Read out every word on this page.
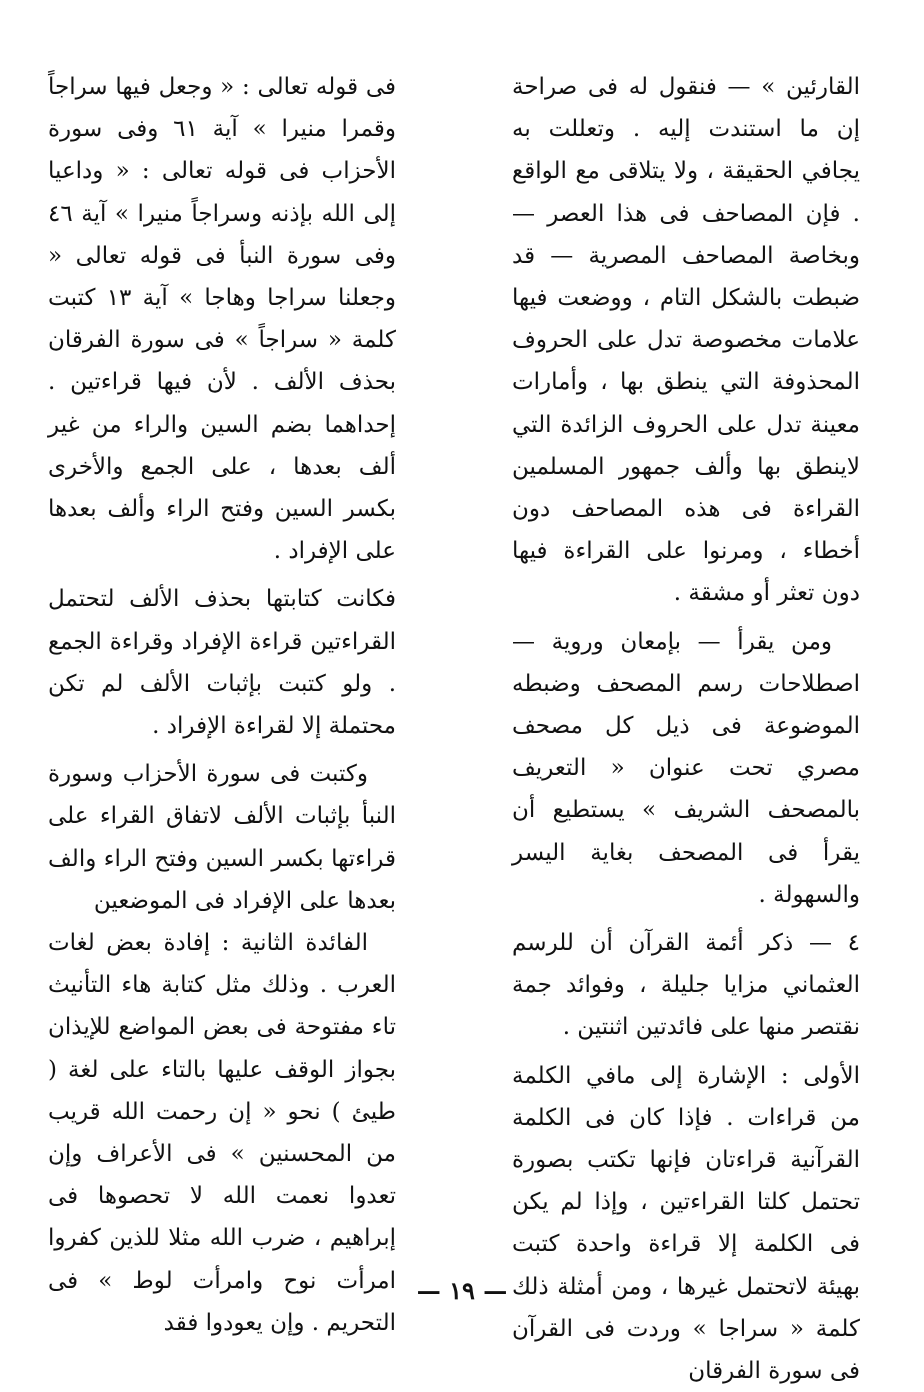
القارئين » — فنقول له فى صراحة إن ما استندت إليه . وتعللت به يجافي الحقيقة ، ولا يتلاقى مع الواقع . فإن المصاحف فى هذا العصر — وبخاصة المصاحف المصرية — قد ضبطت بالشكل التام ، ووضعت فيها علامات مخصوصة تدل على الحروف المحذوفة التي ينطق بها ، وأمارات معينة تدل على الحروف الزائدة التي لاينطق بها وألف جمهور المسلمين القراءة فى هذه المصاحف دون أخطاء ، ومرنوا على القراءة فيها دون تعثر أو مشقة .

ومن يقرأ — بإمعان وروية — اصطلاحات رسم المصحف وضبطه الموضوعة فى ذيل كل مصحف مصري تحت عنوان « التعريف بالمصحف الشريف » يستطيع أن يقرأ فى المصحف بغاية اليسر والسهولة .

٤ — ذكر أئمة القرآن أن للرسم العثماني مزايا جليلة ، وفوائد جمة نقتصر منها على فائدتين اثنتين .

الأولى : الإشارة إلى مافي الكلمة من قراءات . فإذا كان فى الكلمة القرآنية قراءتان فإنها تكتب بصورة تحتمل كلتا القراءتين ، وإذا لم يكن فى الكلمة إلا قراءة واحدة كتبت بهيئة لاتحتمل غيرها ، ومن أمثلة ذلك كلمة « سراجا » وردت فى القرآن فى سورة الفرقان

فى قوله تعالى : « وجعل فيها سراجاً وقمرا منيرا » آية ٦١ وفى سورة الأحزاب فى قوله تعالى : « وداعيا إلى الله بإذنه وسراجاً منيرا » آية ٤٦ وفى سورة النبأ فى قوله تعالى « وجعلنا سراجا وهاجا » آية ١٣ كتبت كلمة « سراجاً » فى سورة الفرقان بحذف الألف . لأن فيها قراءتين . إحداهما بضم السين والراء من غير ألف بعدها ، على الجمع والأخرى بكسر السين وفتح الراء وألف بعدها على الإفراد .

فكانت كتابتها بحذف الألف لتحتمل القراءتين قراءة الإفراد وقراءة الجمع . ولو كتبت بإثبات الألف لم تكن محتملة إلا لقراءة الإفراد .

وكتبت فى سورة الأحزاب وسورة النبأ بإثبات الألف لاتفاق القراء على قراءتها بكسر السين وفتح الراء والف بعدها على الإفراد فى الموضعين

الفائدة الثانية : إفادة بعض لغات العرب . وذلك مثل كتابة هاء التأنيث تاء مفتوحة فى بعض المواضع للإيذان بجواز الوقف عليها بالتاء على لغة ( طيئ ) نحو « إن رحمت الله قريب من المحسنين » فى الأعراف وإن تعدوا نعمت الله لا تحصوها فى إبراهيم ، ضرب الله مثلا للذين كفروا امرأت نوح وامرأت لوط » فى التحريم . وإن يعودوا فقد

— ١٩ —
